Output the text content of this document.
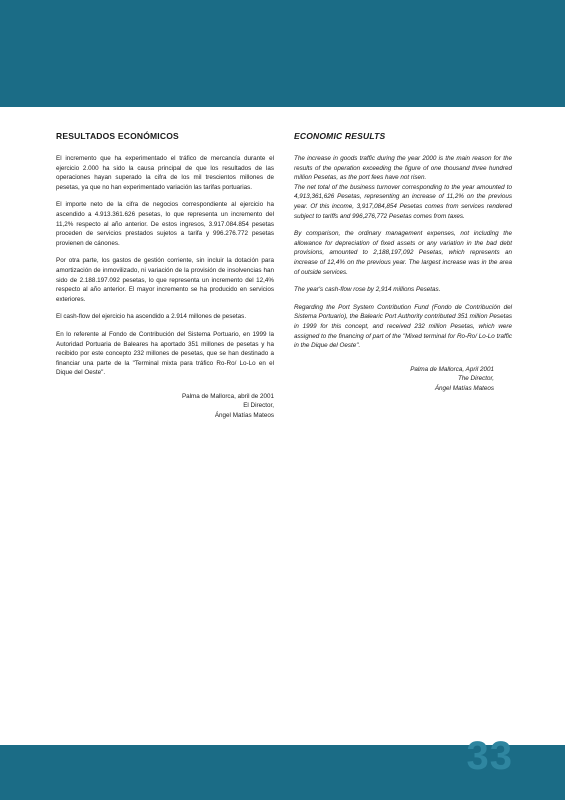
RESULTADOS ECONÓMICOS

El incremento que ha experimentado el tráfico de mercancía durante el ejercicio 2.000 ha sido la causa principal de que los resultados de las operaciones hayan superado la cifra de los mil trescientos millones de pesetas, ya que no han experimentado variación las tarifas portuarias.

El importe neto de la cifra de negocios correspondiente al ejercicio ha ascendido a 4.913.361.626 pesetas, lo que representa un incremento del 11,2% respecto al año anterior. De estos ingresos, 3.917.084.854 pesetas proceden de servicios prestados sujetos a tarifa y 996.276.772 pesetas provienen de cánones.

Por otra parte, los gastos de gestión corriente, sin incluir la dotación para amortización de inmovilizado, ni variación de la provisión de insolvencias han sido de 2.188.197.092 pesetas, lo que representa un incremento del 12,4% respecto al año anterior. El mayor incremento se ha producido en servicios exteriores.

El cash-flow del ejercicio ha ascendido a 2.914 millones de pesetas.

En lo referente al Fondo de Contribución del Sistema Portuario, en 1999 la Autoridad Portuaria de Baleares ha aportado 351 millones de pesetas y ha recibido por este concepto 232 millones de pesetas, que se han destinado a financiar una parte de la "Terminal mixta para tráfico Ro-Ro/ Lo-Lo en el Dique del Oeste".

Palma de Mallorca, abril de 2001
El Director,
Ángel Matías Mateos
ECONOMIC RESULTS

The increase in goods traffic during the year 2000 is the main reason for the results of the operation exceeding the figure of one thousand three hundred million Pesetas, as the port fees have not risen.

The net total of the business turnover corresponding to the year amounted to 4,913,361,626 Pesetas, representing an increase of 11,2% on the previous year. Of this income, 3,917,084,854 Pesetas comes from services rendered subject to tariffs and 996,276,772 Pesetas comes from taxes.

By comparison, the ordinary management expenses, not including the allowance for depreciation of fixed assets or any variation in the bad debt provisions, amounted to 2,188,197,092 Pesetas, which represents an increase of 12,4% on the previous year. The largest increase was in the area of outside services.

The year's cash-flow rose by 2,914 millions Pesetas.

Regarding the Port System Contribution Fund (Fondo de Contribución del Sistema Portuario), the Balearic Port Authority contributed 351 million Pesetas in 1999 for this concept, and received 232 million Pesetas, which were assigned to the financing of part of the "Mixed terminal for Ro-Ro/ Lo-Lo traffic in the Dique del Oeste".

Palma de Mallorca, April 2001
The Director,
Ángel Matías Mateos
33
